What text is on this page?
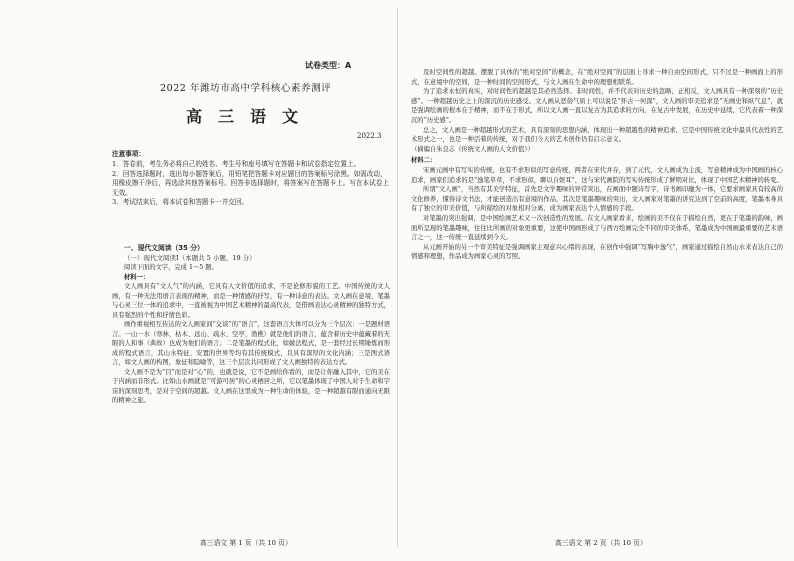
试卷类型：A
2022 年潍坊市高中学科核心素养测评
高三语文
2022.3

注意事项：

1．答卷前，考生务必将自己的姓名、考生号和座号填写在答题卡和试卷指定位置上。

2．回答选择题时，选出每小题答案后，用铅笔把答题卡对应题目的答案标号涂黑。如需改动，用橡皮擦干净后，再选涂其他答案标号。回答非选择题时，将答案写在答题卡上。写在本试卷上无效。

3．考试结束后，将本试卷和答题卡一并交回。

一、现代文阅读（35 分）

（一）现代文阅读Ⅰ（本题共 5 小题，19 分）

阅读下面的文字，完成 1～5 题。

材料一：

文人画具有“文人气”的内涵，它具有人文价值的追求，不是论修形貌的工艺。中国传统的文人画，有一种无法用语言表现的精神，而是一种情感的抒写，有一种诗意的表达。文人画在意境、笔墨与心灵三位一体的追求中，一直被视为中国艺术精神的最高代表，是借画表达心灵精神的独特方式，具有强烈的个性和抒情色彩。

画作重视相互传达的文人画家间“交谈”的“语言”，这套语言大体可以分为三个层次：一是题材语言。一山一水（寒林、枯木、远山、疏水、空亭、渔樵）就是他们的语言，蕴含着历史中蕴藏着的无限的人和事（典故）也成为他们的语言；二是笔墨的程式化，如皴法程式，是一套经过长期锤炼而形成的程式语言，其山水特征、安置的世界等均有其传统模式，且具有深厚的文化内涵；三是图式语言，如文人画的构图，象征和隐喻等，这三个层次共同形成了文人画独特的表达方式。

文人画不是为“目”而是对“心”的，也就是说，它不是画给你看的，而是让你融入其中，它的美在于内涵而非形式。比如山水画就是“可游可居”的心灵栖居之所，它以笔墨体现了中国人对于生命和宇宙的深刻思考，是对于空间的超越。文人画在这里成为一种生命的体验，是一种超越有限而通向无限的精神之旅。

高三语文 第 1 页（共 10 页）

及时空间性的超越。摆脱了具体的“绝对空间”的概念，在“绝对空间”的层面上寻求一种自由空间形式，只不过是一种画面上的形式，在意境中的空间，是一种时间的空间形式，与文人画在生命中的理想相联系。

为了追求永恒的真实，对时间性的超越是其必然选择。非时间性，并不代表对历史的忽略，正相反，文人画具有一种深刻的“历史感”。一种超越历史之上的深沉的历史感受。文人画从恶俗气质上可以说是“怀古一何深”，文人画的审美追求是“无画史和纵气息”，就是强调绘画的根本在于精神，而不在于形式，所以文人画一直以复古为其追求的方向，在复古中发展，在历史中延续，它代表着一种深沉的“历史感”。

总之，文人画是一种超越形式的艺术，具有深刻的思想内涵，体现出一种超越性的精神追求，它是中国传统文化中最具代表性的艺术形式之一，也是一种活着的传统，对于我们今天的艺术创作仍有启示意义。

（摘编自朱良志《传统文人画的人文价值》）

材料二：

宋画元画中有写实的传统，也有不求形似的写意传统，两者在宋代并存，到了元代，文人画成为主流，写意精神成为中国画的核心追求，画家们追求的是“逸笔草草，不求形似，聊以自娱耳”，这与宋代画院的写实传统形成了鲜明对比，体现了中国艺术精神的转变。

所谓“文人画”，当然有其美学特征，首先是文学趣味的异常突出，在画面中题诗写字，诗书画印融为一体，它要求画家具有较高的文化修养，懂得诗文书法，才能创造出有意境的作品，其次是笔墨趣味的突出，文人画家对笔墨的讲究达到了空前的高度，笔墨本身具有了独立的审美价值，与所描绘的对象相对分离，成为画家表达个人情感的手段。

对笔墨的突出强调，是中国绘画艺术又一次创造性的发展。在文人画家看来，绘画的美不仅在于描绘自然，更在于笔墨的韵味，画面所呈现的笔墨趣味，往往比所画的对象更重要，这使中国画形成了与西方绘画完全不同的审美体系，笔墨成为中国画最重要的艺术语言之一，这一传统一直延续到今天。

从元画开始的另一个审美特征是强调画家主观意兴心绪的表现，在创作中强调“写胸中逸气”，画家通过描绘自然山水来表达自己的情感和理想，作品成为画家心灵的写照。

高三语文 第 2 页（共 10 页）
